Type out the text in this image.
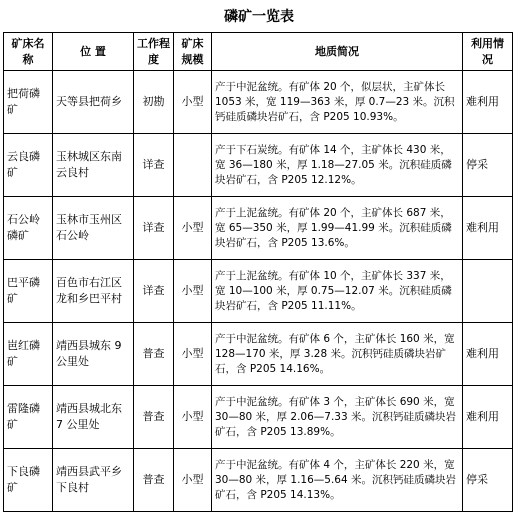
磷矿一览表
矿床名称	位 置	工作程度	矿床规模	地质简况	利用情况
把荷磷矿	天等县把荷乡	初勘	小型	产于中泥盆统。有矿体 20 个，似层状，主矿体长 1053 米，宽 119—363 米，厚 0.7—23 米。沉积钙硅质磷块岩矿石，含 P205 10.93%。	难利用
云良磷矿	玉林城区东南云良村	详查		产于下石炭统。有矿体 14 个，主矿体长 430 米，宽 36—180 米，厚 1.18—27.05 米。沉积硅质磷块岩矿石，含 P205 12.12%。	停采
石公岭磷矿	玉林市玉州区石公岭	详查	小型	产于上泥盆统。有矿体 20 个，主矿体长 687 米，宽 65—350 米，厚 1.99—41.99 米。沉积硅质磷块岩矿石，含 P205 13.6%。	难利用
巴平磷矿	百色市右江区龙和乡巴平村	详查	小型	产于上泥盆统。有矿体 10 个，主矿体长 337 米，宽 10—100 米，厚 0.75—12.07 米。沉积硅质磷块岩矿石，含 P205 11.11%。	
岜红磷矿	靖西县城东 9 公里处	普查	小型	产于中泥盆统。有矿体 6 个，主矿体长 160 米，宽 128—170 米，厚 3.28 米。沉积钙硅质磷块岩矿石，含 P205 14.16%。	难利用
雷隆磷矿	靖西县城北东 7 公里处	普查	小型	产于中泥盆统。有矿体 3 个，主矿体长 690 米，宽 30—80 米，厚 2.06—7.33 米。沉积钙硅质磷块岩矿石，含 P205 13.89%。	难利用
下良磷矿	靖西县武平乡下良村	普查	小型	产于中泥盆统。有矿体 4 个，主矿体长 220 米，宽 30—80 米，厚 1.16—5.64 米。沉积钙硅质磷块岩矿石，含 P205 14.13%。	停采
